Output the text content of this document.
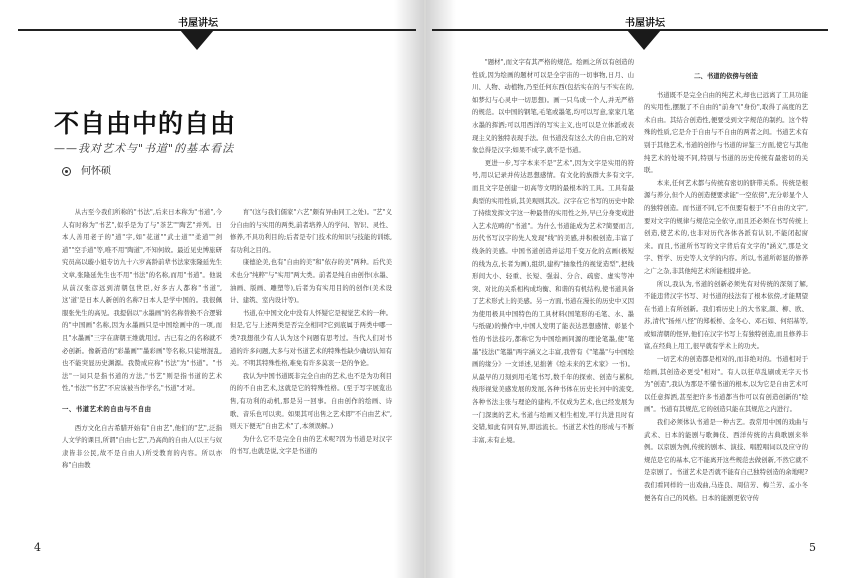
书屋讲坛
不自由中的自由
——我对艺术与"书道"的基本看法
何怀硕

从古至今我们所称的"书法",后来日本称为"书道",今人有时称为"书艺",似乎是为了与"茶艺""陶艺"并列。日本人善用老子的"道"字,如"花道""武士道""柔道""剑道""空手道"等,唯不用"陶道",不知何故。最近见史博旅研究员高以璇小姐专访九十六岁高龄前辈书法家张隆延先生文章,张隆延先生也不用"书法"的名称,而用"书道"。他说从前汉张彦远到清朝包世臣,好多古人都称"书道",这'道'是日本人新创的名称?日本人是学中国的。我很佩服张先生的高见。我提倡以"水墨画"的名称替换不合逻辑的"中国画"名称,因为水墨画只是中国绘画中的一项,而且"水墨画"三字在唐朝王维就用过。古已有之的名称就不必创新。像新造的"彩墨画""墨彩画"等名称,只徒增混乱,也不能突显历史渊源。我赞成应称"书法"为"书道"。"书法"一词只是指书道的方法,"书艺"则是指书道的艺术性,"书法""书艺"不应该被当作学名,"书道"才对。

一、书道艺术的自由与不自由

西方文化自古希腊开始有"自由艺",他们的"艺",泛指人文学的课目,所谓"自由七艺",乃高尚的自由人(以王与奴隶皆非公民,故不是自由人)所受教育的内容。所以亦称"自由教

育"(这与我们儒家"六艺"颇有异曲同工之处)。"艺"义分自由的与实用的两类,前者培养人的学问、智识、灵性、修养,不具功利目的;后者是专门技术的知识与技能的训练,有功利之目的。

康德论美,也有"自由的美"和"依存的美"两种。后代美术也分"纯粹"与"实用"两大类。前者是纯自由创作(水墨、油画、版画、雕塑等),后者为有实用目的的创作(美术设计、建筑、室内设计等)。

书道,在中国文化中没有人怀疑它是视觉艺术的一种。但是,它与上述两类是否完全相同?它到底属于两类中哪一类?我想很少有人认为这个问题有思考过。当代人们对书道的许多问题,大多与对书道艺术的特殊性缺少确切认知有关。不明其特殊性格,难免有许多莫衷一是的争论。

我认为中国书道既非完全自由的艺术,也不是为功利目的的不自由艺术,这就是它的特殊性格。(至于写字展览出售,有功利的动机,那是另一回事。自由创作的绘画、诗歌、音乐也可以卖。如果其可出售之艺术即"不自由艺术",则天下便无"自由艺术"了,本须误解。)

为什么它不是完全自由的艺术呢?因为书道是对汉字的书写,也就是说,文字是书道的

4
书屋讲坛

"题材",而文字有其严格的规范。绘画之所以有创造的性质,因为绘画的题材可以是全宇宙的一切事物,日月、山川、人物、动植物,乃至任何东西(包括实在的与不实在的,如梦幻与心灵中一切思想)。画一只鸟或一个人,并无严格的规范。以中国的钢笔,毛笔或墨笔,均可以写意,家家几笔水墨的挥洒;可以用西洋的写实主义,也可以是立体派或表现主义的独特表现手法。但书道没有这么大的自由,它的对象总得是汉字;如果不成字,就不是书道。

更进一步,写字本来不是"艺术",因为文字是实用的符号,用以记录并传达思想感情。有文化的族群大多有文字,而且文字是创建一切高等文明的最根本的工具。工具有最典型的实用性质,其美观则其次。汉字在它书写的历史中除了持续发挥文字这一种最普的实用性之外,早已分身变成进入艺术范畴的"书道"。为什么书道能成为艺术?简要而言,历代书写汉字的先人发现"线"的美感,并积极创造,丰富了线条的美感。中国书道创造并运用千变万化的点画(极短的线为点,长者为画),组织,建构"抽象性的视觉造型",把线形间大小、轻重、长短、强弱、分合、疏密、虚实等冲突、对比的关系相构成均衡、和谐的有机结构,使书道具备了艺术形式上的美感。另一方面,书道在漫长的历史中又因为使用极具中国特色的工具材料(国笔形的毛笔、水、墨与纸砚)的操作中,中国人发明了能表达思想感情、彰显个性的书法技巧,都称它为中国绘画同源的理论笔墨,使"笔墨"技法("笔墨"两字涵义之丰富,我曾有《"笔墨"与中国绘画的缘分》一文详述,见拙著《绘未来的艺术家》一书)。从最早的刀刻到用毛笔书写,数千年的探索、创造与累积,线形视觉美感发展的发展,各种书体在历史长河中的流变,各种书法主张与理论的建构,不仅成为艺术,也已经发展为一门深奥的艺术,书道与绘画又相生相发,平行共进且时有交错,如此有同有异,即远流长。书道艺术性的形成与不断丰富,未有止境。

二、书道的依傍与创造

书道既不是完全自由的纯艺术,却也已远离了工具功能的实用性,摆脱了不自由的"前身"("身份",取得了高度的艺术自由。其结合创造性,便要受到文字规范的制约。这个特殊的性质,它是介于自由与不自由的两者之间。书道艺术有别于其他艺术,书道的创作与书道的评鉴三方面,使它与其他纯艺术的处境不同,特别与书道的历史传统有最密切的关联。

本来,任何艺术都与传统有密切的脐带关系。传统是根源与养分,但个人的创造便要求能"一空依傍",充分彰显个人的独特创造。而书道不同,它不但要有根于"不自由的文字",要对文字的规律与规范完全依守,而且还必须在书写传统上创造,使艺术的,也非对历代各体各派有认识,不能闭起窗来。而且,书道所书写的文字背后有文字的"涵义",那是文字、哲学、历史等人文学的内容。所以,书道所彰显的修养之广之杂,非其他纯艺术所能相提并论。

所以,我认为,书道的创新必须先有对传统的深刻了解,不能违背汉字书写、对书道的技法有了根本依傍,才能期望在书道上有所创新。我们看历史上的大书家,颜、柳、欧、苏,清代"扬州八怪"的郑板桥、金冬心、邓石如、何绍基等,或如清朝的怪异,他们在汉字书写上有独特创造,而且修养丰富,在经典上用工,很早就有学术上的功夫。

一切艺术的创造都是相对的,而非绝对的。书道相对于绘画,其创造必更受"相对"。有人以狂草乱刷或无字天书为"创造",我认为那是不懂书道的根本,以为它是自由艺术可以任意挥洒,甚至把许多书道都当作可以有创造创新的"绘画"。书道有其规范,它的创造只能在其规范之内进行。

我们必须体认书道是一种古艺。我常用中国的戏曲与武术、日本的能剧与歌舞伎、西洋传统的古典歌剧来举例。以京剧为例,传统的剧本、演技、唱腔唱词以及应守的规范是它的基本,它不能离开这些规范去做创新,不然它就不是京剧了。书道艺术是否就不能有自己独特创造的余地呢?我们看同样的一出戏曲,马连良、周信芳、梅兰芳、孟小冬便各有自己的风格。日本的能剧更依守传

5
